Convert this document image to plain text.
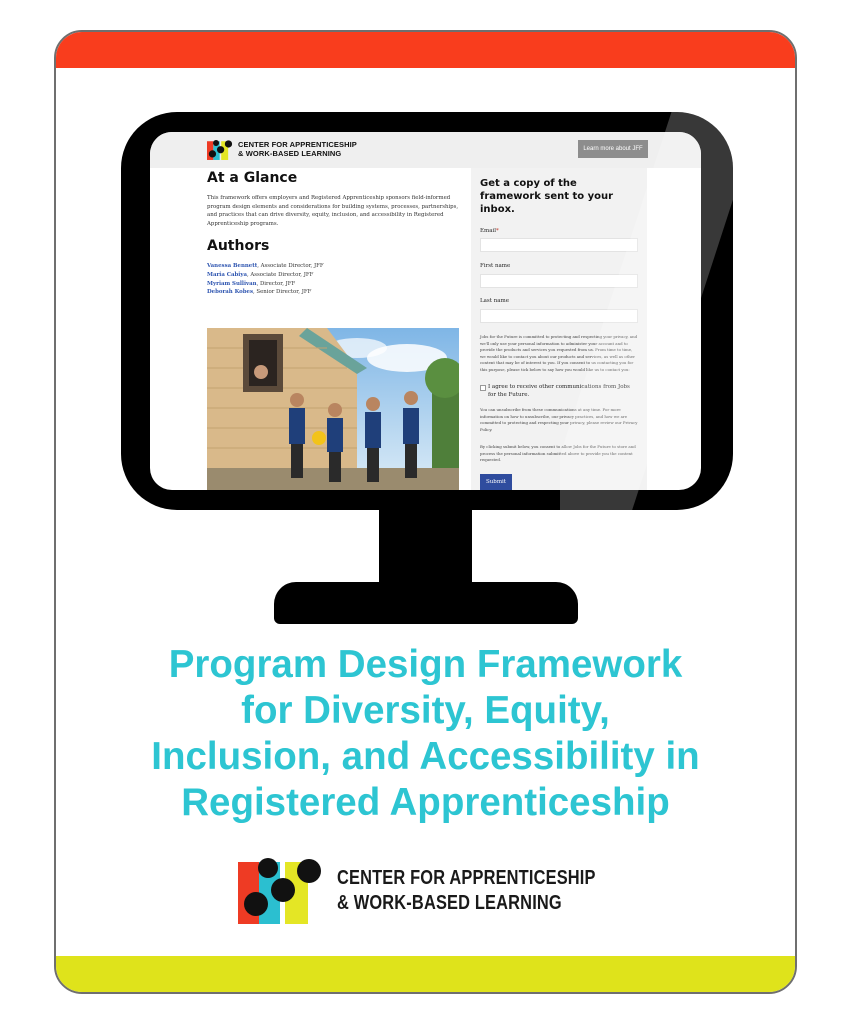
CENTER FOR APPRENTICESHIP
& WORK-BASED LEARNING	Learn more about JFF
At a Glance

This framework offers employers and Registered Apprenticeship sponsors field-informed program design elements and considerations for building systems, processes, partnerships, and practices that can drive diversity, equity, inclusion, and accessibility in Registered Apprenticeship programs.

Authors
Vanessa Bennett, Associate Director, JFF
Maria Cabiya, Associate Director, JFF
Myriam Sullivan, Director, JFF
Deborah Kobes, Senior Director, JFF
Get a copy of the framework sent to your inbox.
Email*
First name
Last name

Jobs for the Future is committed to protecting and respecting your privacy, and we'll only use your personal information to administer your account and to provide the products and services you requested from us. From time to time, we would like to contact you about our products and services, as well as other content that may be of interest to you. If you consent to us contacting you for this purpose, please tick below to say how you would like us to contact you:

I agree to receive other communications from Jobs for the Future.

You can unsubscribe from these communications at any time. For more information on how to unsubscribe, our privacy practices, and how we are committed to protecting and respecting your privacy, please review our Privacy Policy.

By clicking submit below, you consent to allow Jobs for the Future to store and process the personal information submitted above to provide you the content requested.

Submit
Program Design Framework
for Diversity, Equity,
Inclusion, and Accessibility in
Registered Apprenticeship
CENTER FOR APPRENTICESHIP
& WORK-BASED LEARNING
